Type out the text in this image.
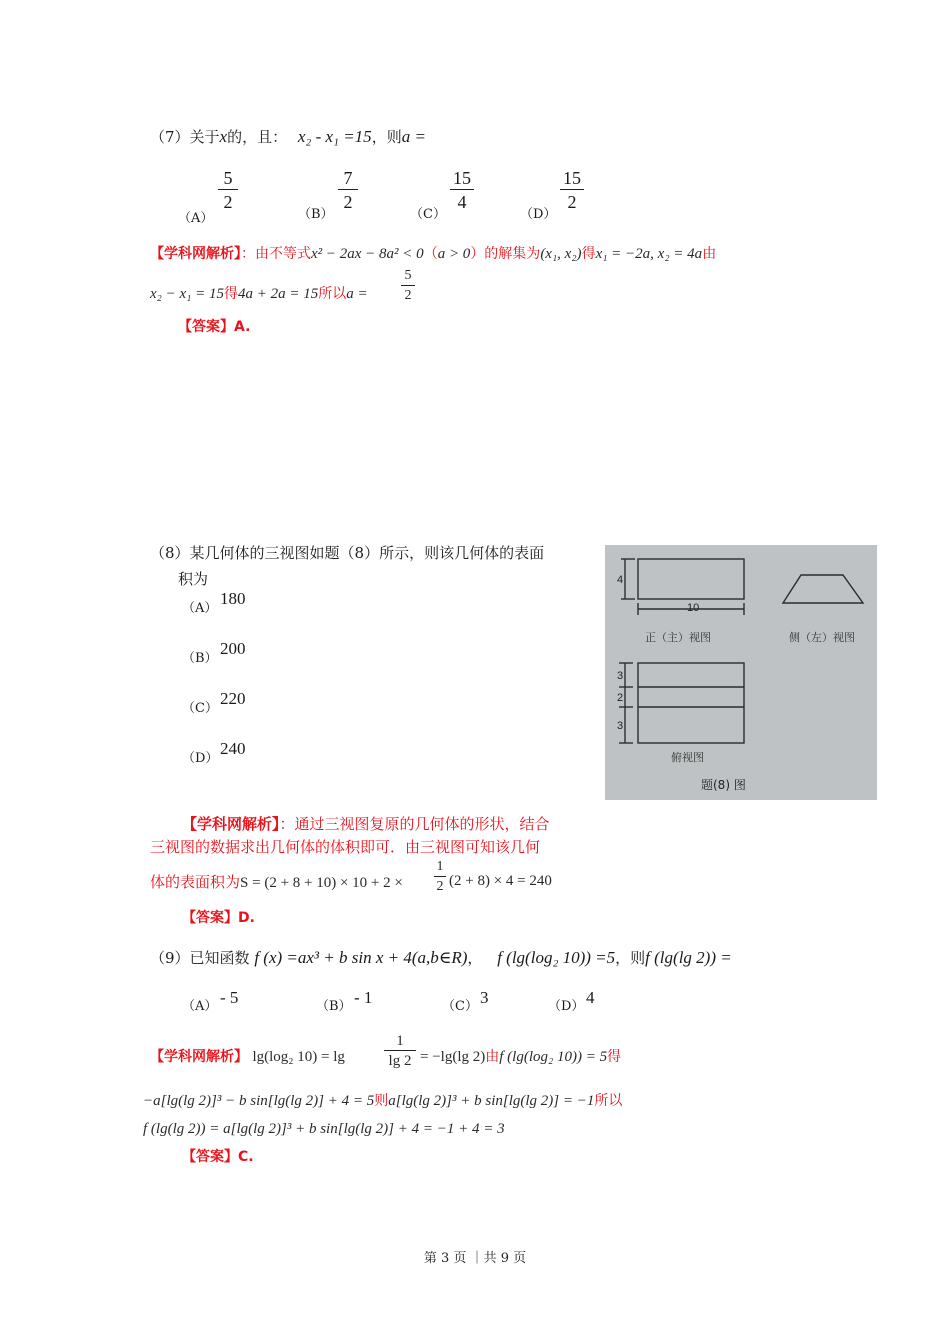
（7）关于x的，且： x₂ - x₁ =15，则a =
（A）
5
2
（B）
7
2
（C）
15
4
（D）
15
2
【学科网解析】：由不等式x² − 2ax − 8a² < 0（a > 0）的解集为(x₁, x₂)得x₁ = −2a, x₂ = 4a由
x₂ − x₁ = 15得4a + 2a = 15所以a =
5
2
【答案】A.
（8）某几何体的三视图如题（8）所示，则该几何体的表面
积为
（A）
180
（B）
200
（C）
220
（D）
240
4
10
3
2
3
正（主）视图	侧（左）视图
俯视图
题(8) 图
【学科网解析】：通过三视图复原的几何体的形状，结合
三视图的数据求出几何体的体积即可．由三视图可知该几何
体的表面积为S = (2 + 8 + 10) × 10 + 2 ×
1
2 (2 + 8) × 4 = 240
【答案】D.
（9）已知函数 f (x) =ax³ + b sin x + 4(a,b∈R)， f (lg(log₂ 10)) =5，则f (lg(lg 2)) =
（A） - 5	（B） - 1	（C） 3	（D） 4
【学科网解析】 lg(log₂ 10) = lg
1
lg 2 = −lg(lg 2)由f (lg(log₂ 10)) = 5得
−a[lg(lg 2)]³ − b sin[lg(lg 2)] + 4 = 5则a[lg(lg 2)]³ + b sin[lg(lg 2)] = −1所以
f (lg(lg 2)) = a[lg(lg 2)]³ + b sin[lg(lg 2)] + 4 = −1 + 4 = 3
【答案】C.
第 3 页 ｜共 9 页
